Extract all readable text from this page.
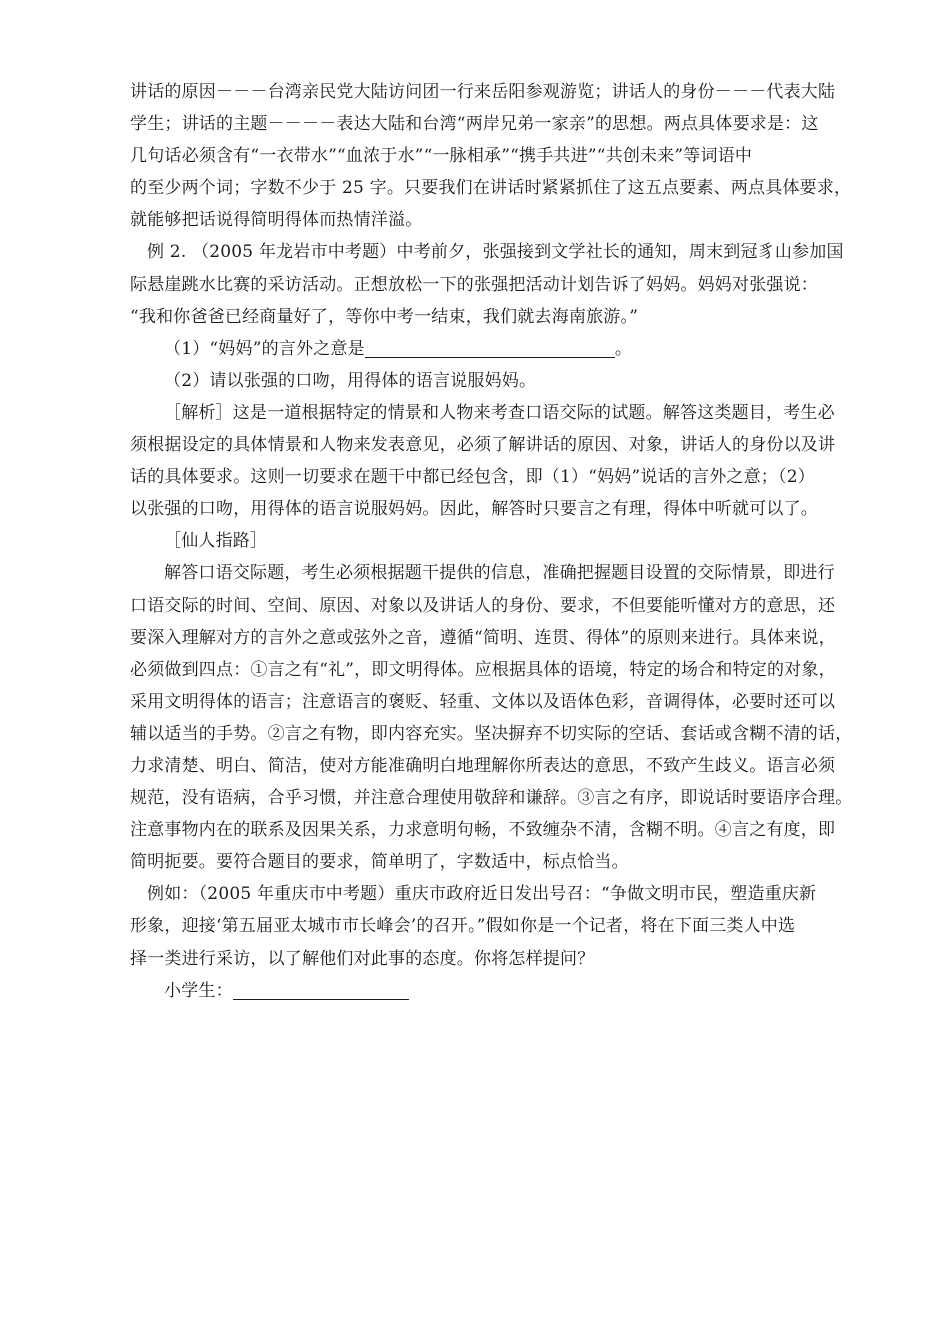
讲话的原因－－－台湾亲民党大陆访问团一行来岳阳参观游览；讲话人的身份－－－代表大陆
学生；讲话的主题－－－－表达大陆和台湾“两岸兄弟一家亲”的思想。两点具体要求是：这
几句话必须含有“一衣带水”“血浓于水”“一脉相承”“携手共进”“共创未来”等词语中
的至少两个词；字数不少于 25 字。只要我们在讲话时紧紧抓住了这五点要素、两点具体要求，
就能够把话说得简明得体而热情洋溢。
例 2. （2005 年龙岩市中考题）中考前夕，张强接到文学社长的通知，周末到冠豸山参加国
际悬崖跳水比赛的采访活动。正想放松一下的张强把活动计划告诉了妈妈。妈妈对张强说：
“我和你爸爸已经商量好了，等你中考一结束，我们就去海南旅游。”
（1）“妈妈”的言外之意是	。
（2）请以张强的口吻，用得体的语言说服妈妈。
［解析］这是一道根据特定的情景和人物来考查口语交际的试题。解答这类题目，考生必
须根据设定的具体情景和人物来发表意见，必须了解讲话的原因、对象，讲话人的身份以及讲
话的具体要求。这则一切要求在题干中都已经包含，即（1）“妈妈”说话的言外之意；（2）
以张强的口吻，用得体的语言说服妈妈。因此，解答时只要言之有理，得体中听就可以了。
［仙人指路］
解答口语交际题，考生必须根据题干提供的信息，准确把握题目设置的交际情景，即进行
口语交际的时间、空间、原因、对象以及讲话人的身份、要求，不但要能听懂对方的意思，还
要深入理解对方的言外之意或弦外之音，遵循“简明、连贯、得体”的原则来进行。具体来说，
必须做到四点：①言之有“礼”，即文明得体。应根据具体的语境，特定的场合和特定的对象，
采用文明得体的语言；注意语言的褒贬、轻重、文体以及语体色彩，音调得体，必要时还可以
辅以适当的手势。②言之有物，即内容充实。坚决摒弃不切实际的空话、套话或含糊不清的话，
力求清楚、明白、简洁，使对方能准确明白地理解你所表达的意思，不致产生歧义。语言必须
规范，没有语病，合乎习惯，并注意合理使用敬辞和谦辞。③言之有序，即说话时要语序合理。
注意事物内在的联系及因果关系，力求意明句畅，不致缠杂不清，含糊不明。④言之有度，即
简明扼要。要符合题目的要求，简单明了，字数适中，标点恰当。
例如：（2005 年重庆市中考题）重庆市政府近日发出号召：“争做文明市民，塑造重庆新
形象，迎接‘第五届亚太城市市长峰会’的召开。”假如你是一个记者，将在下面三类人中选
择一类进行采访，以了解他们对此事的态度。你将怎样提问？
小学生：
